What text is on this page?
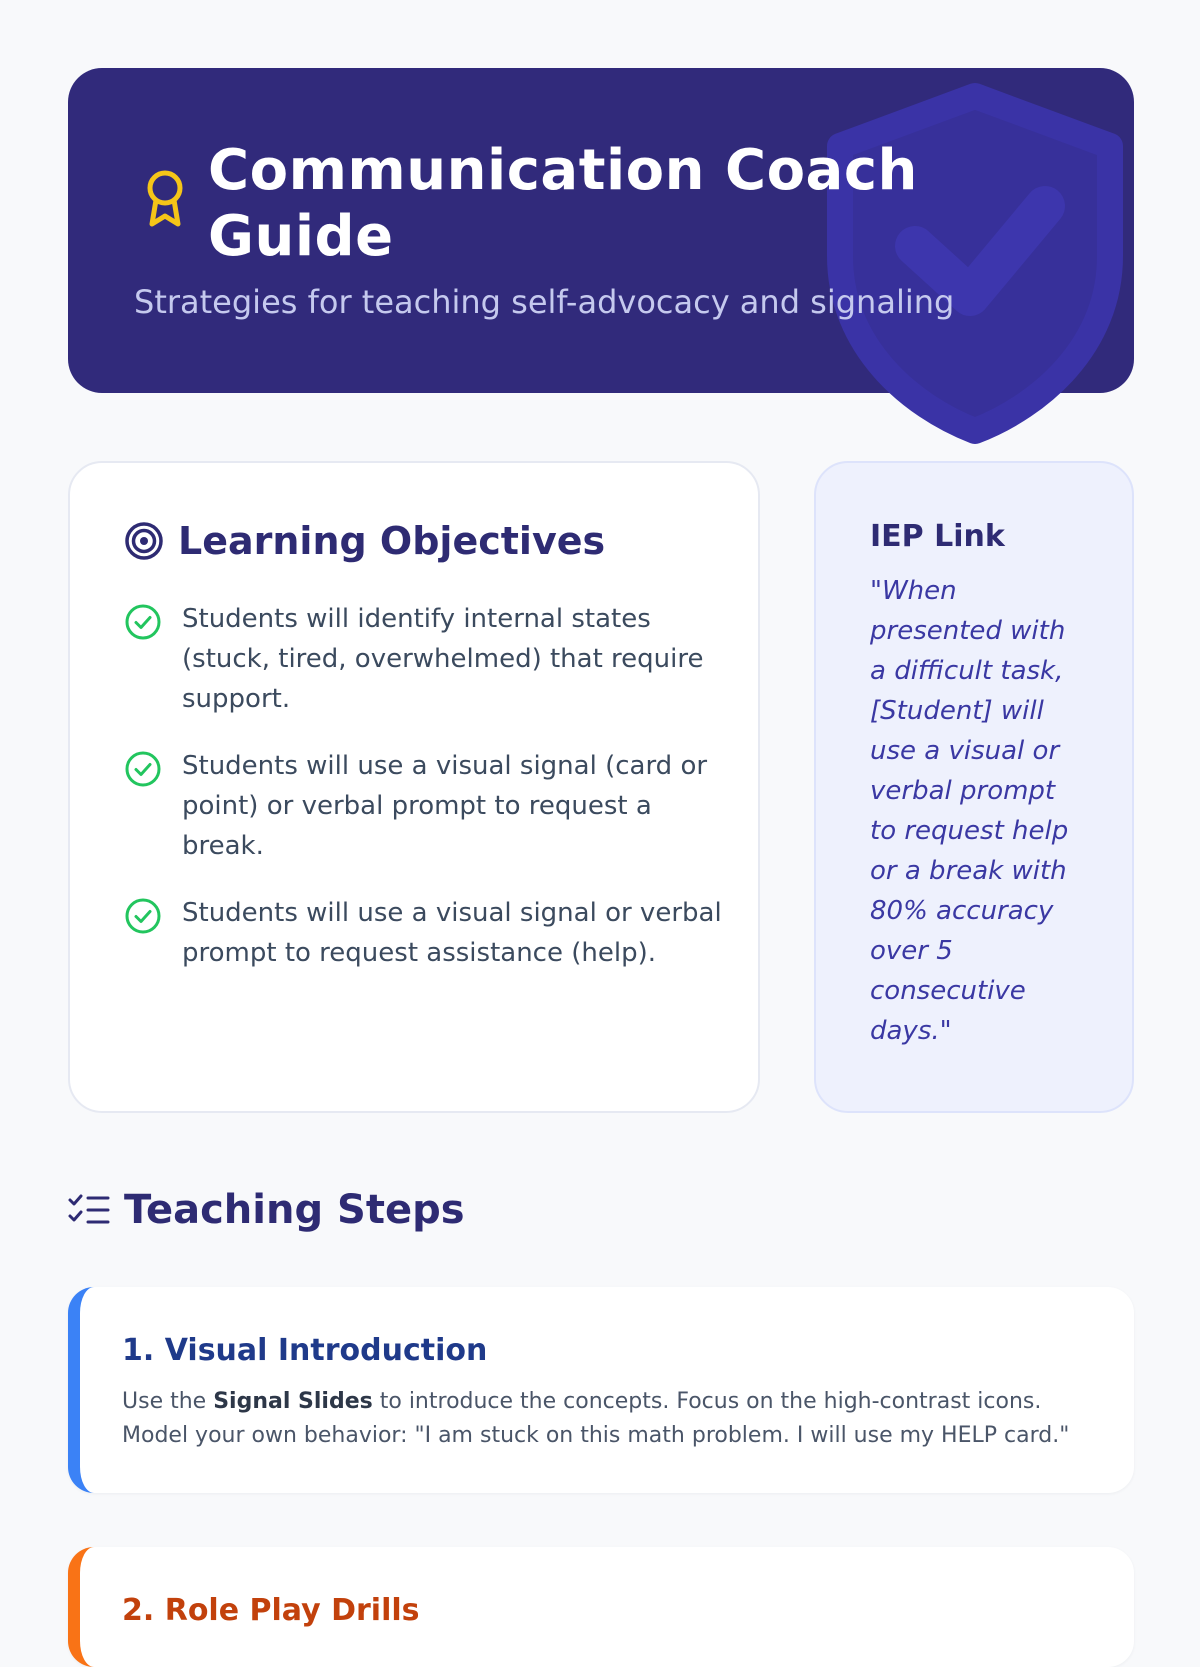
Communication Coach Guide
Strategies for teaching self-advocacy and signaling
Learning Objectives
Students will identify internal states (stuck, tired, overwhelmed) that require support.
Students will use a visual signal (card or point) or verbal prompt to request a break.
Students will use a visual signal or verbal prompt to request assistance (help).
IEP Link

"When presented with a difficult task, [Student] will use a visual or verbal prompt to request help or a break with 80% accuracy over 5 consecutive days."

Teaching Steps
1. Visual Introduction
Use the Signal Slides to introduce the concepts. Focus on the high-contrast icons. Model your own behavior: "I am stuck on this math problem. I will use my HELP card."
2. Role Play Drills
